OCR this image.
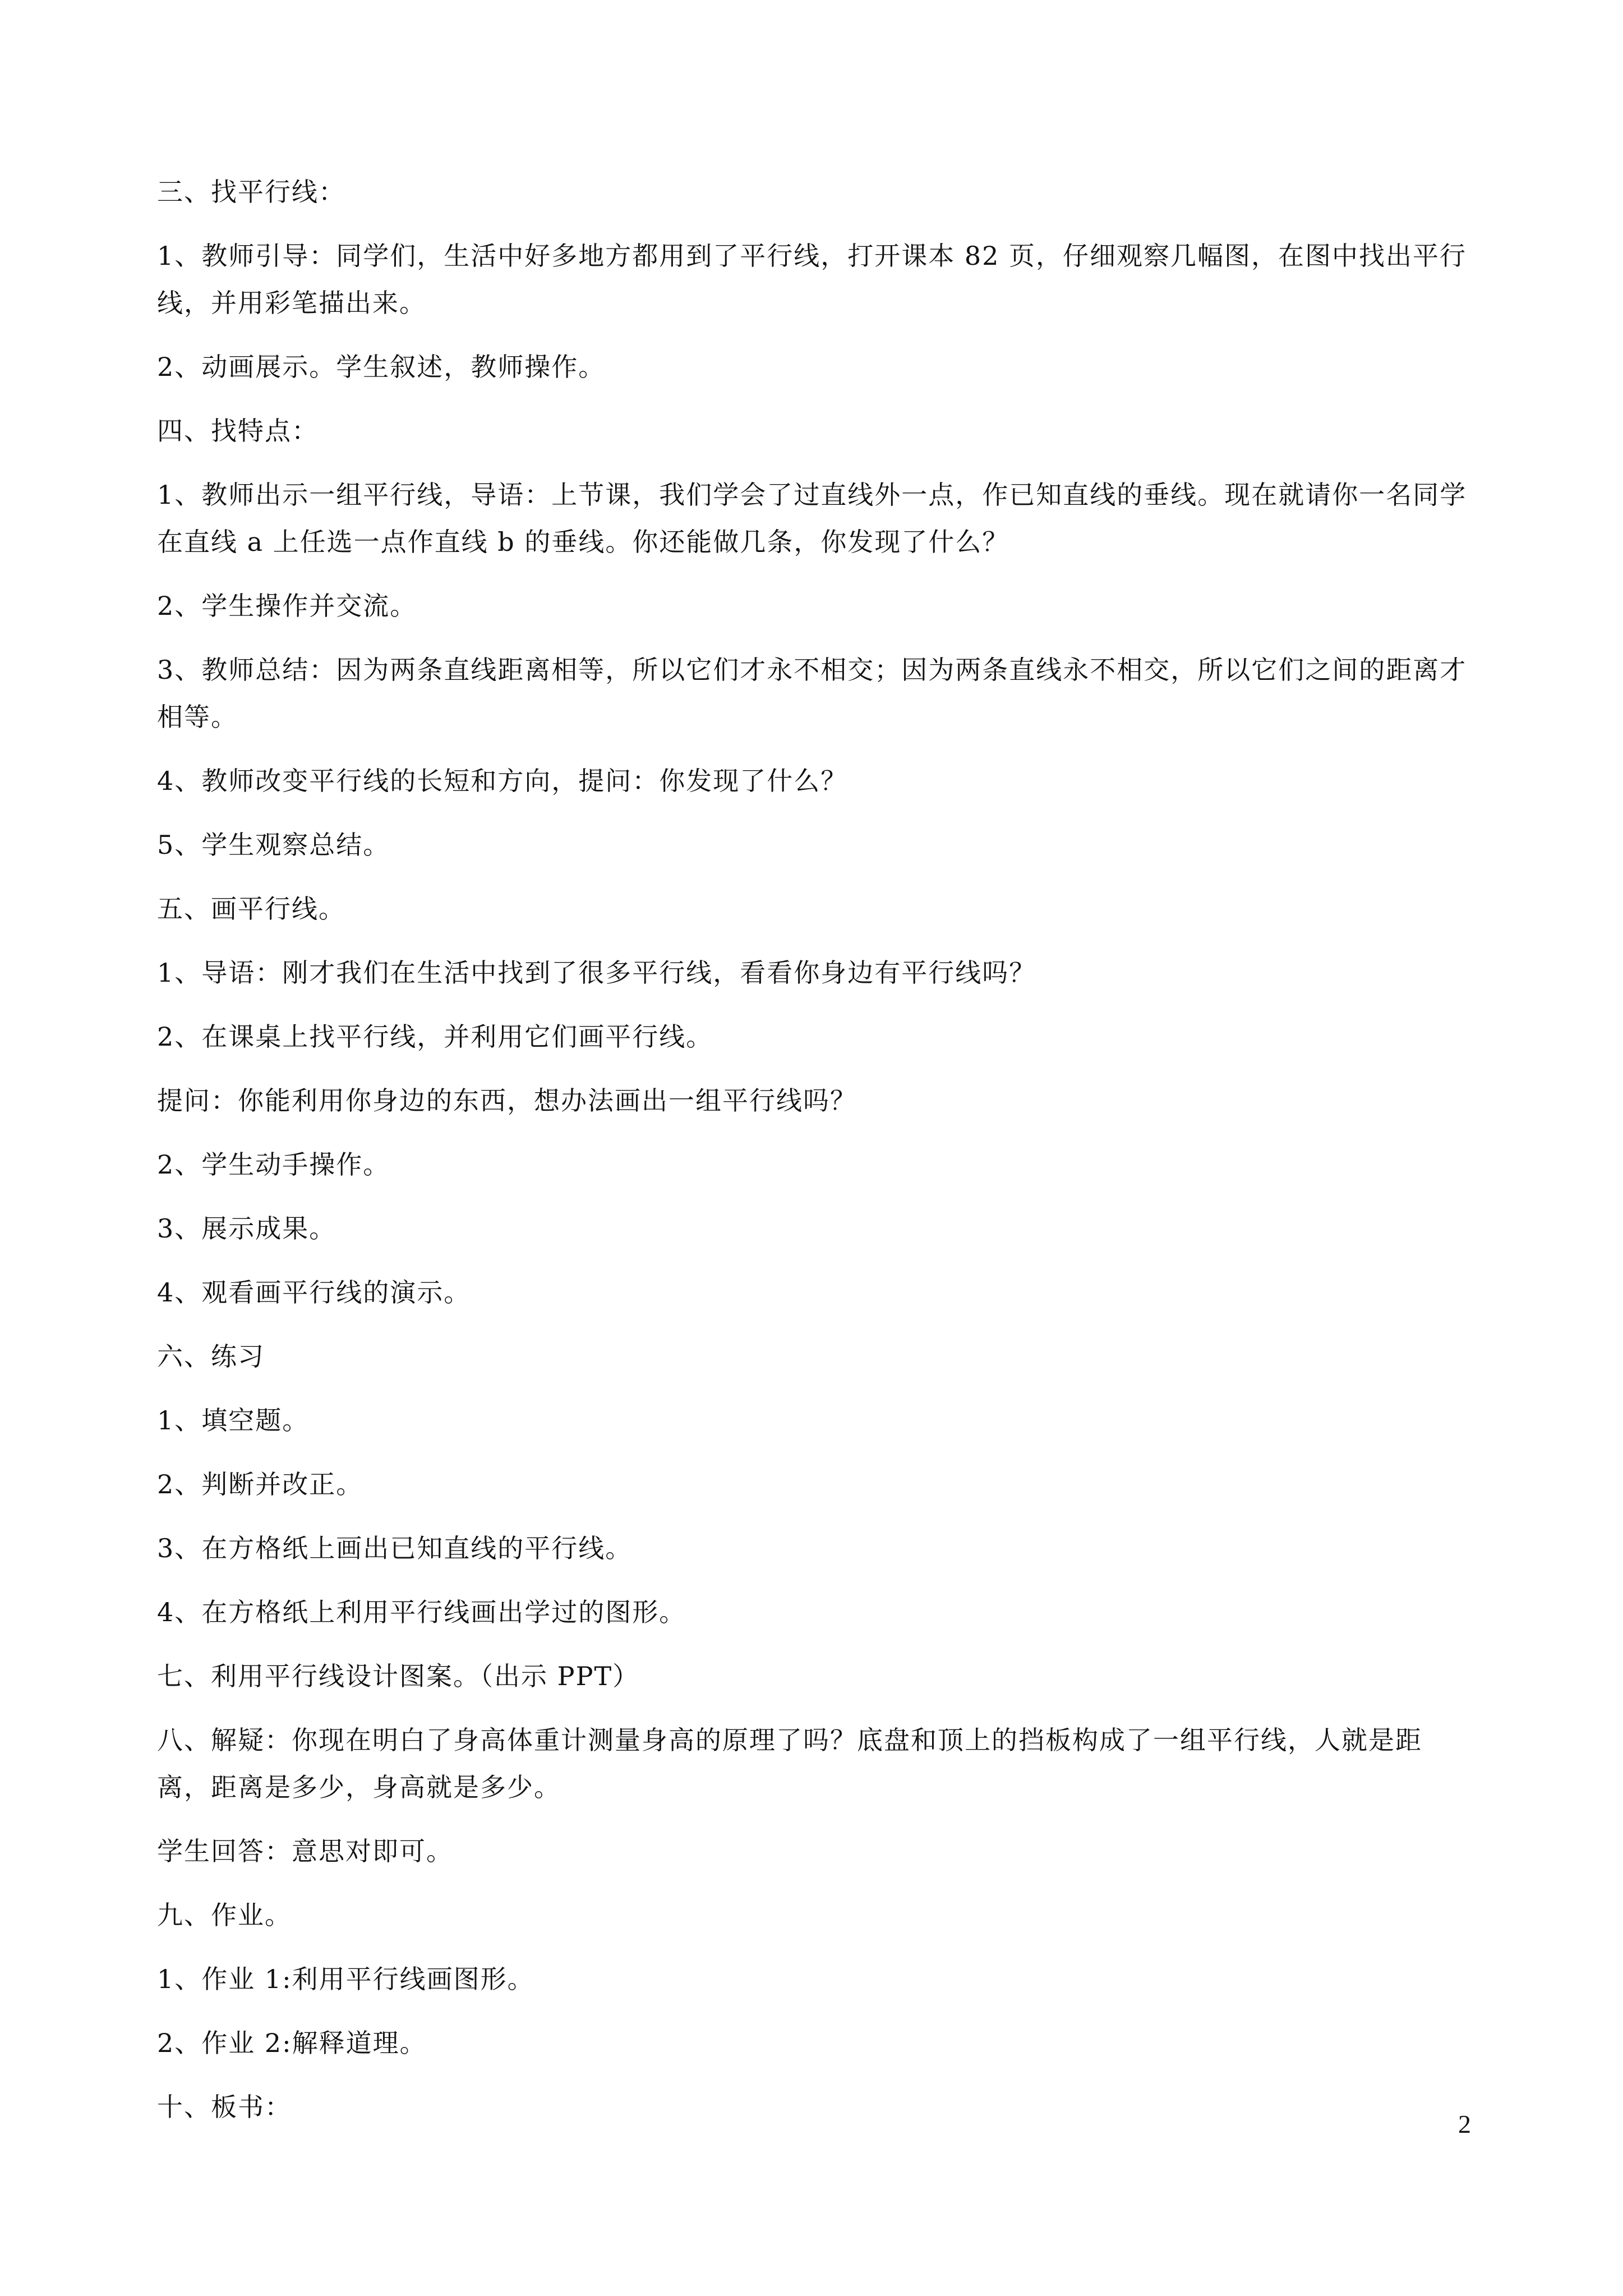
三、找平行线：

1、教师引导：同学们，生活中好多地方都用到了平行线，打开课本 82 页，仔细观察几幅图，在图中找出平行线，并用彩笔描出来。

2、动画展示。学生叙述，教师操作。

四、找特点：

1、教师出示一组平行线，导语：上节课，我们学会了过直线外一点，作已知直线的垂线。现在就请你一名同学在直线 a 上任选一点作直线 b 的垂线。你还能做几条，你发现了什么？

2、学生操作并交流。

3、教师总结：因为两条直线距离相等，所以它们才永不相交；因为两条直线永不相交，所以它们之间的距离才相等。

4、教师改变平行线的长短和方向，提问：你发现了什么？

5、学生观察总结。

五、画平行线。

1、导语：刚才我们在生活中找到了很多平行线，看看你身边有平行线吗？

2、在课桌上找平行线，并利用它们画平行线。

提问：你能利用你身边的东西，想办法画出一组平行线吗？

2、学生动手操作。

3、展示成果。

4、观看画平行线的演示。

六、练习

1、填空题。

2、判断并改正。

3、在方格纸上画出已知直线的平行线。

4、在方格纸上利用平行线画出学过的图形。

七、利用平行线设计图案。（出示 PPT）

八、解疑：你现在明白了身高体重计测量身高的原理了吗？底盘和顶上的挡板构成了一组平行线，人就是距离，距离是多少，身高就是多少。

学生回答：意思对即可。

九、作业。

1、作业 1:利用平行线画图形。

2、作业 2:解释道理。

十、板书：

2
